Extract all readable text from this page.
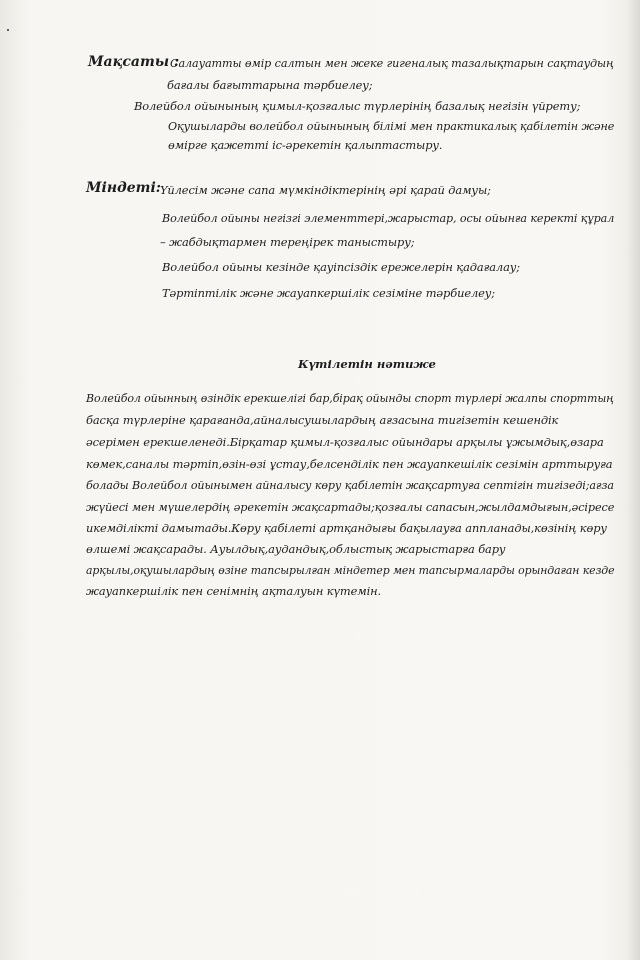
Мақсаты :
Салауатты өмір салтын мен жеке гигеналық тазалықтарын сақтаудың
бағалы бағыттарына тәрбиелеу;
Волейбол ойынының қимыл-қозғалыс түрлерінің базалық негізін үйрету;
Оқушыларды волейбол ойынының білімі мен практикалық қабілетін және
өмірге қажетті іс-әрекетін қалыптастыру.
Міндеті: Үйлесім және сапа мүмкіндіктерінің әрі қарай дамуы;
Волейбол ойыны негізгі элементтері,жарыстар, осы ойынға керекті құрал
– жабдықтармен тереңірек таныстыру;
Волейбол ойыны кезінде қауіпсіздік ережелерін қадағалау;
Тәртіптілік және жауапкершілік сезіміне тәрбиелеу;
Күтілетін нәтиже
Волейбол ойынның өзіндік ерекшелігі бар,бірақ ойынды спорт түрлері жалпы спорттың
басқа түрлеріне қарағанда,айналысушылардың ағзасына тигізетін кешендік
әсерімен ерекшеленеді.Бірқатар қимыл-қозғалыс ойындары арқылы ұжымдық,өзара
көмек,саналы тәртіп,өзін-өзі ұстау,белсенділік пен жауапкешілік сезімін арттыруға
болады Волейбол ойынымен айналысу көру қабілетін жақсартуға септігін тигізеді;ағза
жүйесі мен мүшелердің әрекетін жақсартады;қозғалы сапасын,жылдамдығын,әсіресе
икемділікті дамытады.Көру қабілеті артқандығы бақылауға аппланады,көзінің көру
өлшемі жақсарады. Ауылдық,аудандық,облыстық жарыстарға бару
арқылы,оқушылардың өзіне тапсырылған міндетер мен тапсырмаларды орындаған кезде
жауапкершілік пен сенімнің ақталуын күтемін.
